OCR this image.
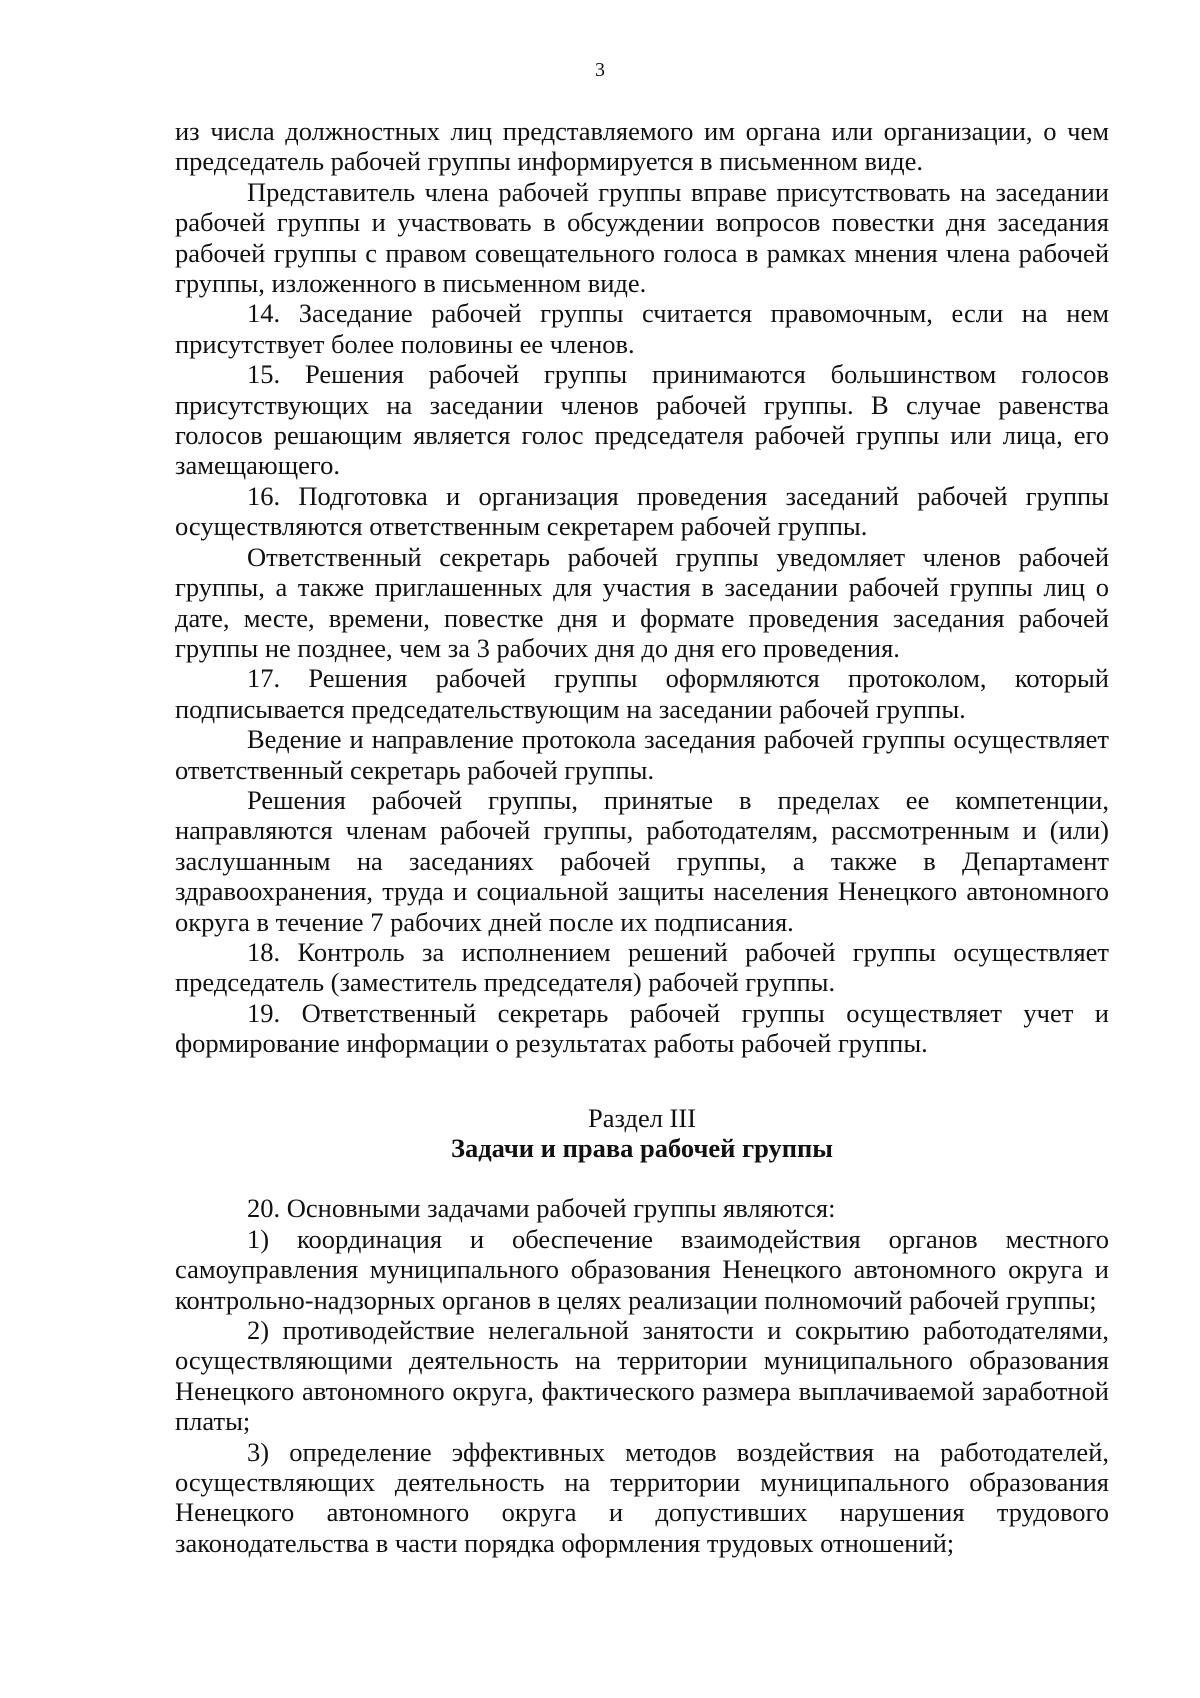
3

из числа должностных лиц представляемого им органа или организации, о чем председатель рабочей группы информируется в письменном виде.

Представитель члена рабочей группы вправе присутствовать на заседании рабочей группы и участвовать в обсуждении вопросов повестки дня заседания рабочей группы с правом совещательного голоса в рамках мнения члена рабочей группы, изложенного в письменном виде.

14. Заседание рабочей группы считается правомочным, если на нем присутствует более половины ее членов.

15. Решения рабочей группы принимаются большинством голосов присутствующих на заседании членов рабочей группы. В случае равенства голосов решающим является голос председателя рабочей группы или лица, его замещающего.

16. Подготовка и организация проведения заседаний рабочей группы осуществляются ответственным секретарем рабочей группы.

Ответственный секретарь рабочей группы уведомляет членов рабочей группы, а также приглашенных для участия в заседании рабочей группы лиц о дате, месте, времени, повестке дня и формате проведения заседания рабочей группы не позднее, чем за 3 рабочих дня до дня его проведения.

17. Решения рабочей группы оформляются протоколом, который подписывается председательствующим на заседании рабочей группы.

Ведение и направление протокола заседания рабочей группы осуществляет ответственный секретарь рабочей группы.

Решения рабочей группы, принятые в пределах ее компетенции, направляются членам рабочей группы, работодателям, рассмотренным и (или) заслушанным на заседаниях рабочей группы, а также в Департамент здравоохранения, труда и социальной защиты населения Ненецкого автономного округа в течение 7 рабочих дней после их подписания.

18. Контроль за исполнением решений рабочей группы осуществляет председатель (заместитель председателя) рабочей группы.

19. Ответственный секретарь рабочей группы осуществляет учет и формирование информации о результатах работы рабочей группы.

Раздел III

Задачи и права рабочей группы

20. Основными задачами рабочей группы являются:

1) координация и обеспечение взаимодействия органов местного самоуправления муниципального образования Ненецкого автономного округа и контрольно-надзорных органов в целях реализации полномочий рабочей группы;

2) противодействие нелегальной занятости и сокрытию работодателями, осуществляющими деятельность на территории муниципального образования Ненецкого автономного округа, фактического размера выплачиваемой заработной платы;

3) определение эффективных методов воздействия на работодателей, осуществляющих деятельность на территории муниципального образования Ненецкого автономного округа и допустивших нарушения трудового законодательства в части порядка оформления трудовых отношений;
